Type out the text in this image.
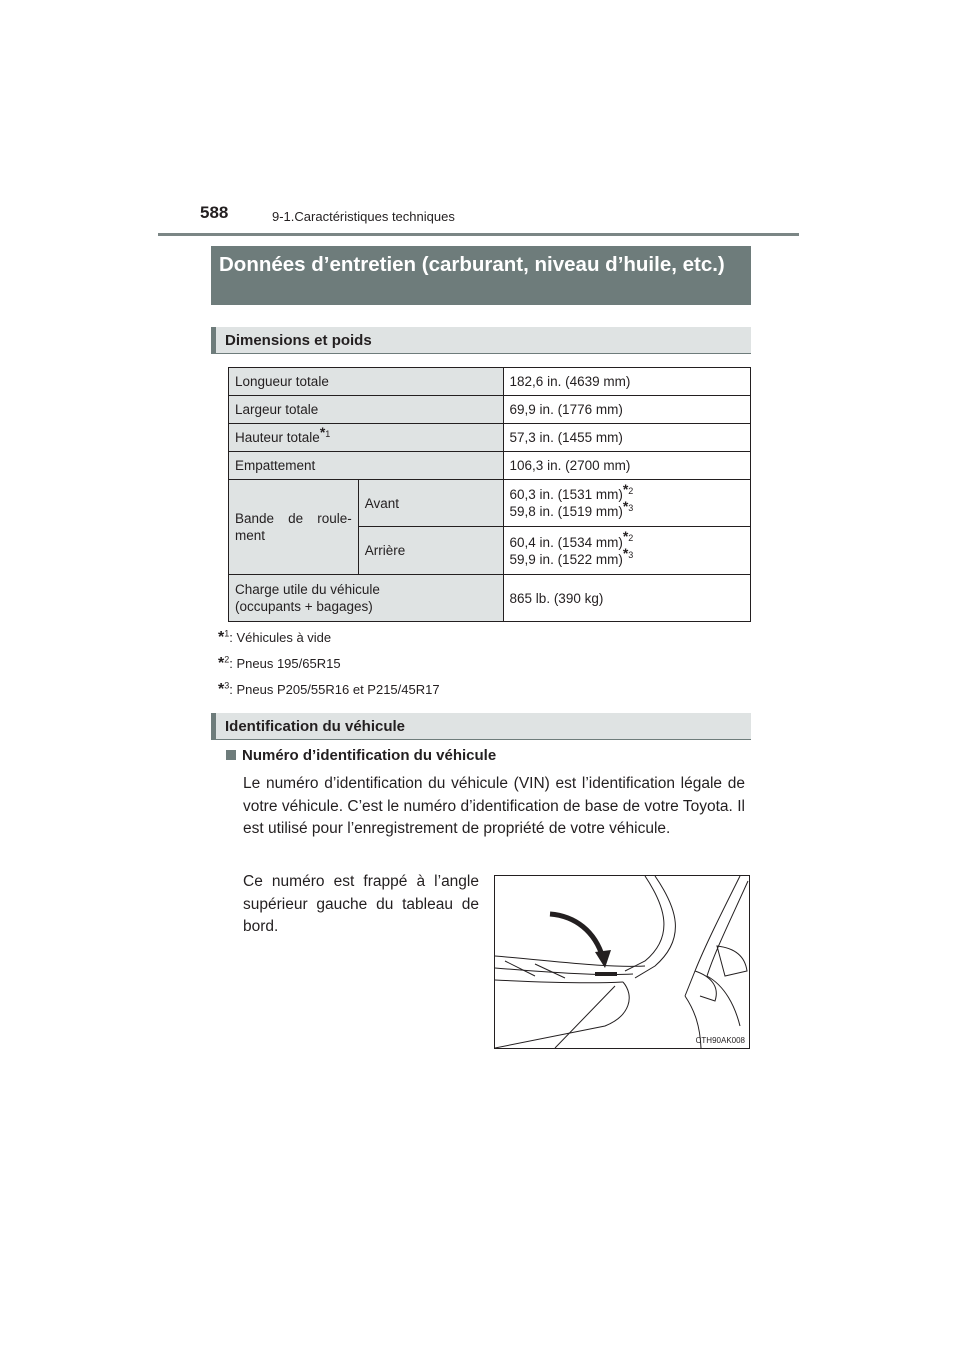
588	9-1.Caractéristiques techniques
Données d’entretien (carburant, niveau d’huile, etc.)
Dimensions et poids
Longueur totale		182,6 in. (4639 mm)
Largeur totale		69,9 in. (1776 mm)
Hauteur totale$^{*1}$		57,3 in. (1455 mm)
Empattement		106,3 in. (2700 mm)
Bande de roule-ment	Avant	60,3 in. (1531 mm)$^{*2}$
59,8 in. (1519 mm)$^{*3}$
	Arrière	60,4 in. (1534 mm)$^{*2}$
59,9 in. (1522 mm)$^{*3}$
Charge utile du véhicule
(occupants + bagages)		865 lb. (390 kg)
*$^1$: Véhicules à vide
*$^2$: Pneus 195/65R15
*$^3$: Pneus P205/55R16 et P215/45R17
Identification du véhicule
Numéro d’identification du véhicule
Le numéro d’identification du véhicule (VIN) est l’identification légale de votre véhicule. C’est le numéro d’identification de base de votre Toyota. Il est utilisé pour l’enregistrement de propriété de votre véhicule.
Ce numéro est frappé à l’angle supérieur gauche du tableau de bord.
CTH90AK008
